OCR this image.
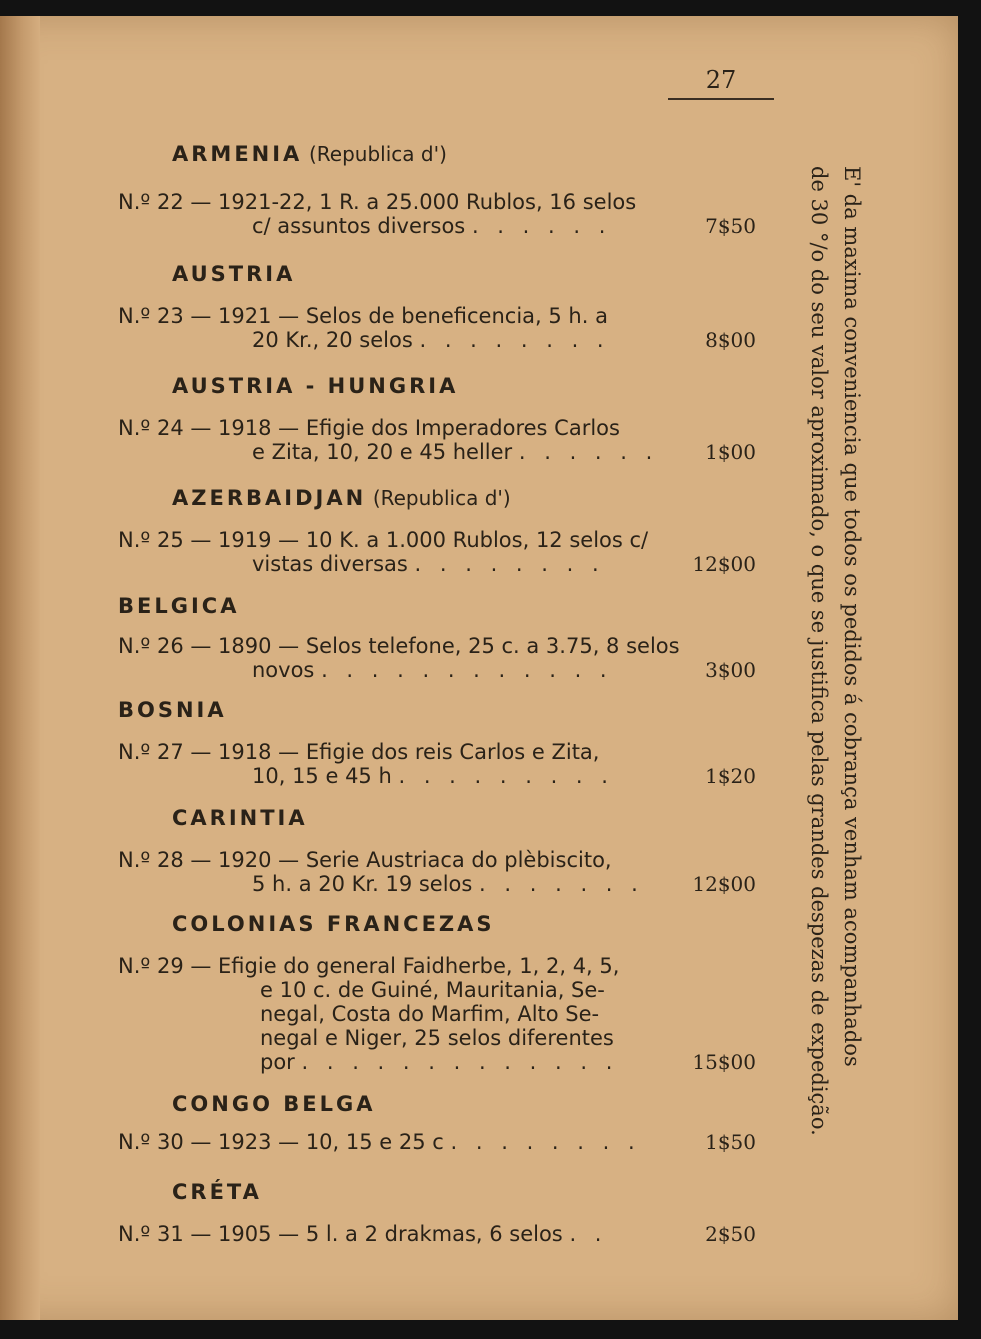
27
ARMENIA (Republica d')
N.º 22 — 1921-22, 1 R. a 25.000 Rublos, 16 selos
c/ assuntos diversos . . . . . .	7$50
AUSTRIA
N.º 23 — 1921 — Selos de beneficencia, 5 h. a
20 Kr., 20 selos . . . . . . . .	8$00
AUSTRIA - HUNGRIA
N.º 24 — 1918 — Efigie dos Imperadores Carlos
e Zita, 10, 20 e 45 heller . . . . . . 1$00
AZERBAIDJAN (Republica d')
N.º 25 — 1919 — 10 K. a 1.000 Rublos, 12 selos c/
vistas diversas . . . . . . . .	12$00
BELGICA
N.º 26 — 1890 — Selos telefone, 25 c. a 3.75, 8 selos
novos . . . . . . . . . . . .	3$00
BOSNIA
N.º 27 — 1918 — Efigie dos reis Carlos e Zita,
10, 15 e 45 h . . . . . . . . .	1$20
CARINTIA
N.º 28 — 1920 — Serie Austriaca do plèbiscito,
5 h. a 20 Kr. 19 selos . . . . . . . 12$00
COLONIAS FRANCEZAS
N.º 29 — Efigie do general Faidherbe, 1, 2, 4, 5,
e 10 c. de Guiné, Mauritania, Se-
negal, Costa do Marfim, Alto Se-
negal e Niger, 25 selos diferentes
por . . . . . . . . . . . . .	15$00
CONGO BELGA
N.º 30 — 1923 — 10, 15 e 25 c . . . . . . . .	1$50
CRÉTA
N.º 31 — 1905 — 5 l. a 2 drakmas, 6 selos . .	2$50
E' da maxima conveniencia que todos os pedidos á cobrança venham acompanhados
de 30 °/o do seu valor aproximado, o que se justifica pelas grandes despezas de expedição.
